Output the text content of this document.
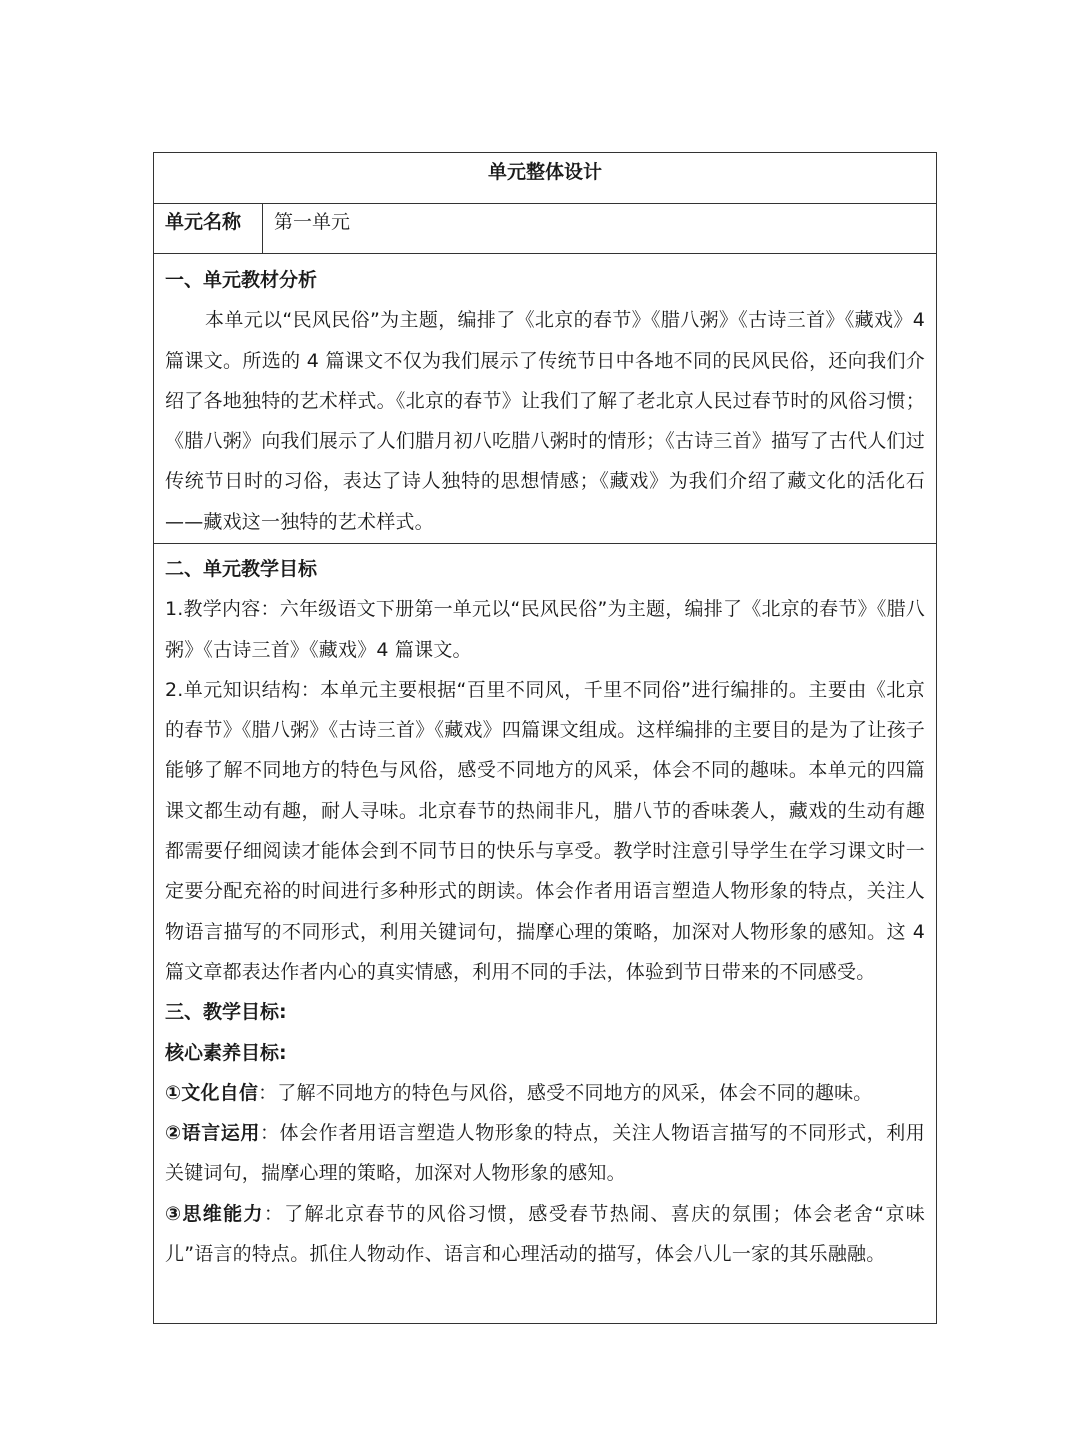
单元整体设计
单元名称	第一单元

一、单元教材分析

本单元以“民风民俗”为主题，编排了《北京的春节》《腊八粥》《古诗三首》《藏戏》4 篇课文。所选的 4 篇课文不仅为我们展示了传统节日中各地不同的民风民俗，还向我们介绍了各地独特的艺术样式。《北京的春节》让我们了解了老北京人民过春节时的风俗习惯；《腊八粥》向我们展示了人们腊月初八吃腊八粥时的情形；《古诗三首》描写了古代人们过传统节日时的习俗，表达了诗人独特的思想情感；《藏戏》为我们介绍了藏文化的活化石——藏戏这一独特的艺术样式。

二、单元教学目标

1.教学内容：六年级语文下册第一单元以“民风民俗”为主题，编排了《北京的春节》《腊八粥》《古诗三首》《藏戏》4 篇课文。

2.单元知识结构：本单元主要根据“百里不同风，千里不同俗”进行编排的。主要由《北京的春节》《腊八粥》《古诗三首》《藏戏》四篇课文组成。这样编排的主要目的是为了让孩子能够了解不同地方的特色与风俗，感受不同地方的风采，体会不同的趣味。本单元的四篇课文都生动有趣，耐人寻味。北京春节的热闹非凡，腊八节的香味袭人，藏戏的生动有趣都需要仔细阅读才能体会到不同节日的快乐与享受。教学时注意引导学生在学习课文时一定要分配充裕的时间进行多种形式的朗读。体会作者用语言塑造人物形象的特点，关注人物语言描写的不同形式，利用关键词句，揣摩心理的策略，加深对人物形象的感知。这 4 篇文章都表达作者内心的真实情感，利用不同的手法，体验到节日带来的不同感受。

三、教学目标:

核心素养目标:

①文化自信：了解不同地方的特色与风俗，感受不同地方的风采，体会不同的趣味。

②语言运用：体会作者用语言塑造人物形象的特点，关注人物语言描写的不同形式，利用关键词句，揣摩心理的策略，加深对人物形象的感知。

③思维能力：了解北京春节的风俗习惯，感受春节热闹、喜庆的氛围；体会老舍“京味儿”语言的特点。抓住人物动作、语言和心理活动的描写，体会八儿一家的其乐融融。
